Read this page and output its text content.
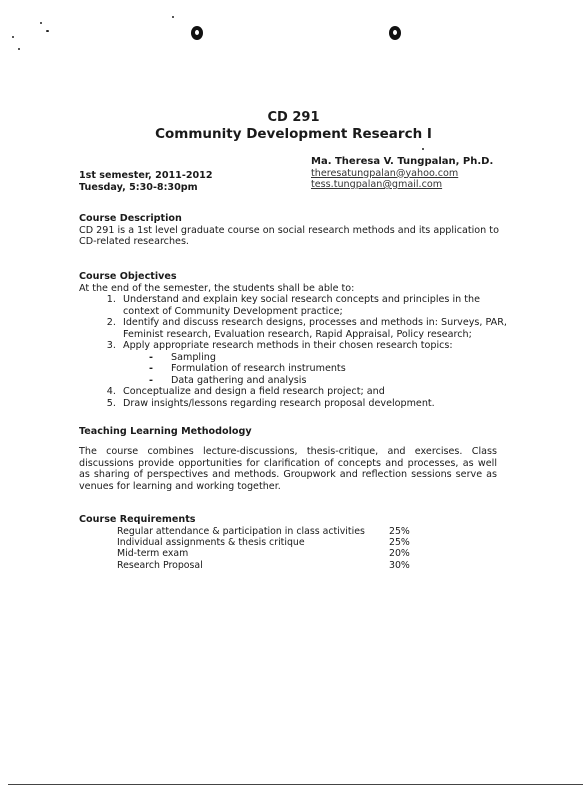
CD 291
Community Development Research I
Ma. Theresa V. Tungpalan, Ph.D.
theresatungpalan@yahoo.com
tess.tungpalan@gmail.com
1st semester, 2011-2012
Tuesday, 5:30-8:30pm
Course Description
CD 291 is a 1st level graduate course on social research methods and its application to CD-related researches.
Course Objectives
At the end of the semester, the students shall be able to:
1. Understand and explain key social research concepts and principles in the context of Community Development practice;
2. Identify and discuss research designs, processes and methods in: Surveys, PAR, Feminist research, Evaluation research, Rapid Appraisal, Policy research;
3. Apply appropriate research methods in their chosen research topics:
- Sampling
- Formulation of research instruments
- Data gathering and analysis
4. Conceptualize and design a field research project; and
5. Draw insights/lessons regarding research proposal development.
Teaching Learning Methodology
The course combines lecture-discussions, thesis-critique, and exercises. Class discussions provide opportunities for clarification of concepts and processes, as well as sharing of perspectives and methods. Groupwork and reflection sessions serve as venues for learning and working together.
Course Requirements
Regular attendance & participation in class activities	25%
Individual assignments & thesis critique	25%
Mid-term exam	20%
Research Proposal	30%
